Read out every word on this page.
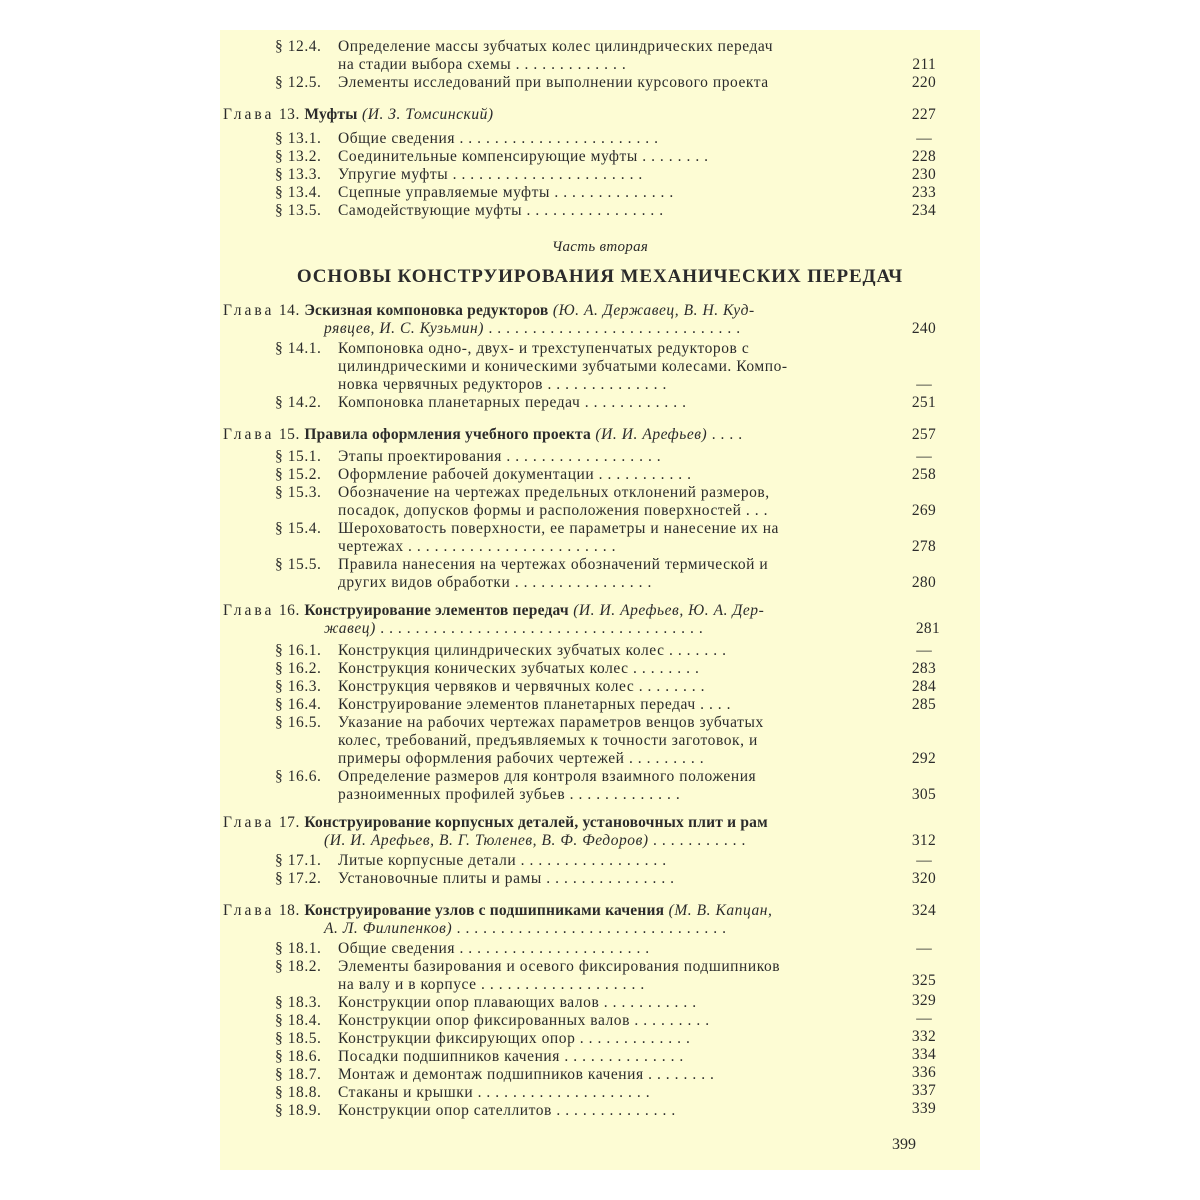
§ 12.4. Определение массы зубчатых колес цилиндрических передач
на стадии выбора схемы . . . . . . . . . . . . .	211
§ 12.5. Элементы исследований при выполнении курсового проекта	220
Глава 13. Муфты (И. З. Томсинский)	227
§ 13.1. Общие сведения . . . . . . . . . . . . . . . . . . . . . . .	—
§ 13.2. Соединительные компенсирующие муфты . . . . . . . .	228
§ 13.3. Упругие муфты . . . . . . . . . . . . . . . . . . . . . .	230
§ 13.4. Сцепные управляемые муфты . . . . . . . . . . . . . .	233
§ 13.5. Самодействующие муфты . . . . . . . . . . . . . . . .	234
Часть вторая
ОСНОВЫ КОНСТРУИРОВАНИЯ МЕХАНИЧЕСКИХ ПЕРЕДАЧ
Глава 14. Эскизная компоновка редукторов (Ю. А. Державец, В. Н. Куд-
рявцев, И. С. Кузьмин) . . . . . . . . . . . . . . . . . . . . . . . . . . . . .	240
§ 14.1. Компоновка одно-, двух- и трехступенчатых редукторов с
цилиндрическими и коническими зубчатыми колесами. Компо-
новка червячных редукторов . . . . . . . . . . . . . .	—
§ 14.2. Компоновка планетарных передач . . . . . . . . . . . .	251
Глава 15. Правила оформления учебного проекта (И. И. Арефьев) . . . .	257
§ 15.1. Этапы проектирования . . . . . . . . . . . . . . . . . .	—
§ 15.2. Оформление рабочей документации . . . . . . . . . . .	258
§ 15.3. Обозначение на чертежах предельных отклонений размеров,
посадок, допусков формы и расположения поверхностей . . .	269
§ 15.4. Шероховатость поверхности, ее параметры и нанесение их на
чертежах . . . . . . . . . . . . . . . . . . . . . . . .	278
§ 15.5. Правила нанесения на чертежах обозначений термической и
других видов обработки . . . . . . . . . . . . . . . .	280
Глава 16. Конструирование элементов передач (И. И. Арефьев, Ю. А. Дер-
жавец) . . . . . . . . . . . . . . . . . . . . . . . . . . . . . . . . . . . . .	281
§ 16.1. Конструкция цилиндрических зубчатых колес . . . . . . .	—
§ 16.2. Конструкция конических зубчатых колес . . . . . . . .	283
§ 16.3. Конструкция червяков и червячных колес . . . . . . . .	284
§ 16.4. Конструирование элементов планетарных передач . . . .	285
§ 16.5. Указание на рабочих чертежах параметров венцов зубчатых
колес, требований, предъявляемых к точности заготовок, и
примеры оформления рабочих чертежей . . . . . . . . .	292
§ 16.6. Определение размеров для контроля взаимного положения
разноименных профилей зубьев . . . . . . . . . . . . .	305
Глава 17. Конструирование корпусных деталей, установочных плит и рам
(И. И. Арефьев, В. Г. Тюленев, В. Ф. Федоров) . . . . . . . . . . .	312
§ 17.1. Литые корпусные детали . . . . . . . . . . . . . . . . .	—
§ 17.2. Установочные плиты и рамы . . . . . . . . . . . . . . .	320
Глава 18. Конструирование узлов с подшипниками качения (М. В. Капцан,	324
А. Л. Филипенков) . . . . . . . . . . . . . . . . . . . . . . . . . . . . . . .
§ 18.1. Общие сведения . . . . . . . . . . . . . . . . . . . . . .	—
§ 18.2. Элементы базирования и осевого фиксирования подшипников
на валу и в корпусе . . . . . . . . . . . . . . . . . . .	325
§ 18.3. Конструкции опор плавающих валов . . . . . . . . . . .	329
§ 18.4. Конструкции опор фиксированных валов . . . . . . . . .	—
§ 18.5. Конструкции фиксирующих опор . . . . . . . . . . . . .	332
§ 18.6. Посадки подшипников качения . . . . . . . . . . . . . .	334
§ 18.7. Монтаж и демонтаж подшипников качения . . . . . . . .	336
§ 18.8. Стаканы и крышки . . . . . . . . . . . . . . . . . . . .	337
§ 18.9. Конструкции опор сателлитов . . . . . . . . . . . . . .	339
399
